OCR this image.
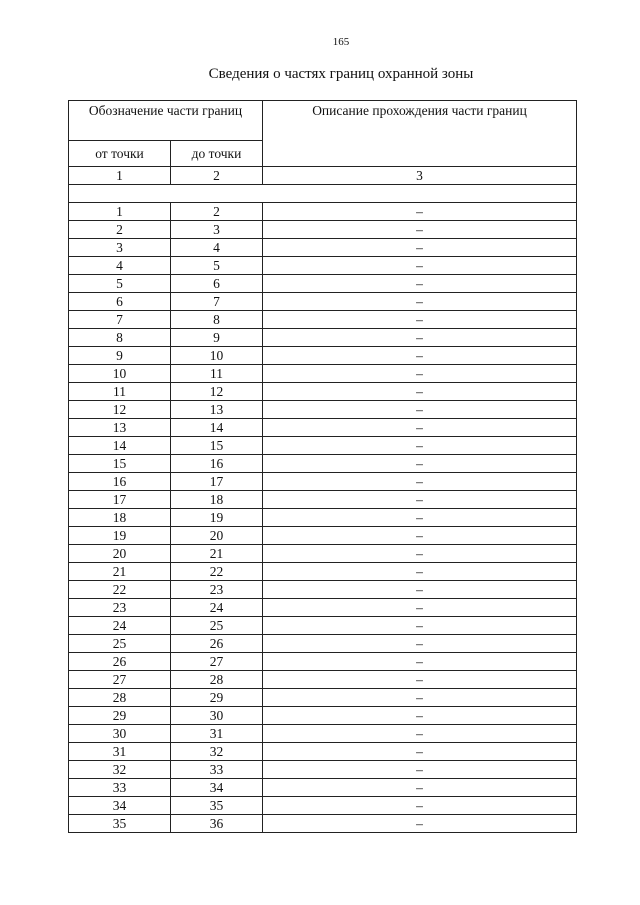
165
Сведения о частях границ охранной зоны
Обозначение части границ		Описание прохождения части границ
от точки	до точки	
1	2	3

1	2	–
2	3	–
3	4	–
4	5	–
5	6	–
6	7	–
7	8	–
8	9	–
9	10	–
10	11	–
11	12	–
12	13	–
13	14	–
14	15	–
15	16	–
16	17	–
17	18	–
18	19	–
19	20	–
20	21	–
21	22	–
22	23	–
23	24	–
24	25	–
25	26	–
26	27	–
27	28	–
28	29	–
29	30	–
30	31	–
31	32	–
32	33	–
33	34	–
34	35	–
35	36	–
